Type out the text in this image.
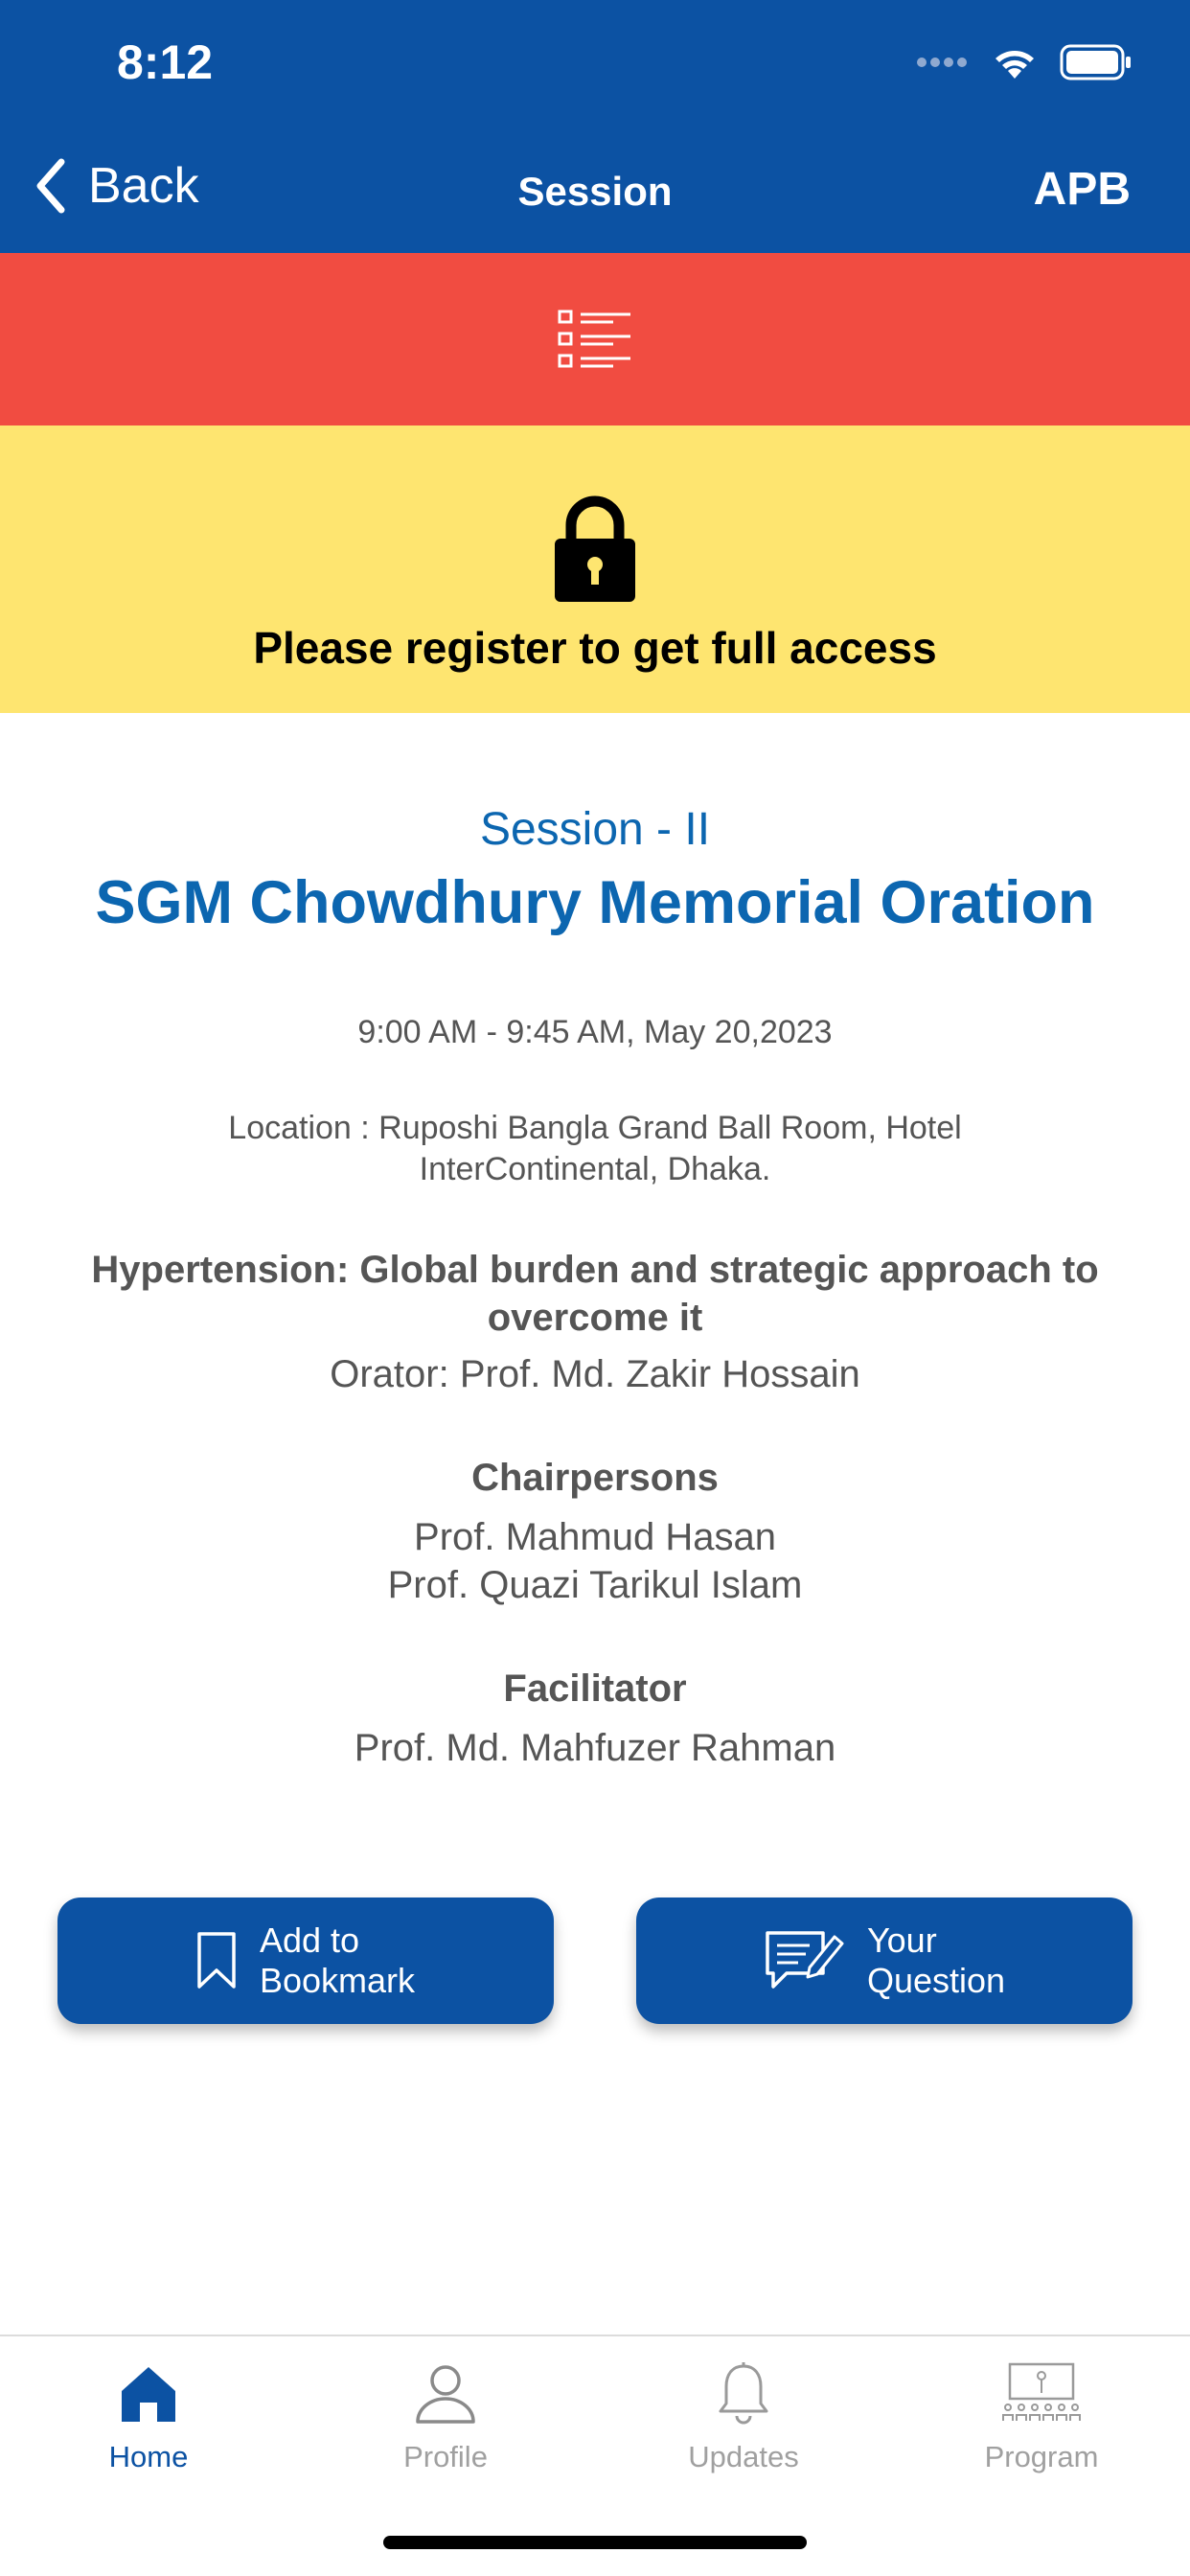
8:12
Back	Session	APB
Please register to get full access
Session - II
SGM Chowdhury Memorial Oration
9:00 AM - 9:45 AM, May 20,2023
Location : Ruposhi Bangla Grand Ball Room, Hotel InterContinental, Dhaka.
Hypertension: Global burden and strategic approach to overcome it
Orator: Prof. Md. Zakir Hossain
Chairpersons
Prof. Mahmud Hasan
Prof. Quazi Tarikul Islam
Facilitator
Prof. Md. Mahfuzer Rahman
Add to
Bookmark
Your
Question
Home	Profile	Updates	Program
